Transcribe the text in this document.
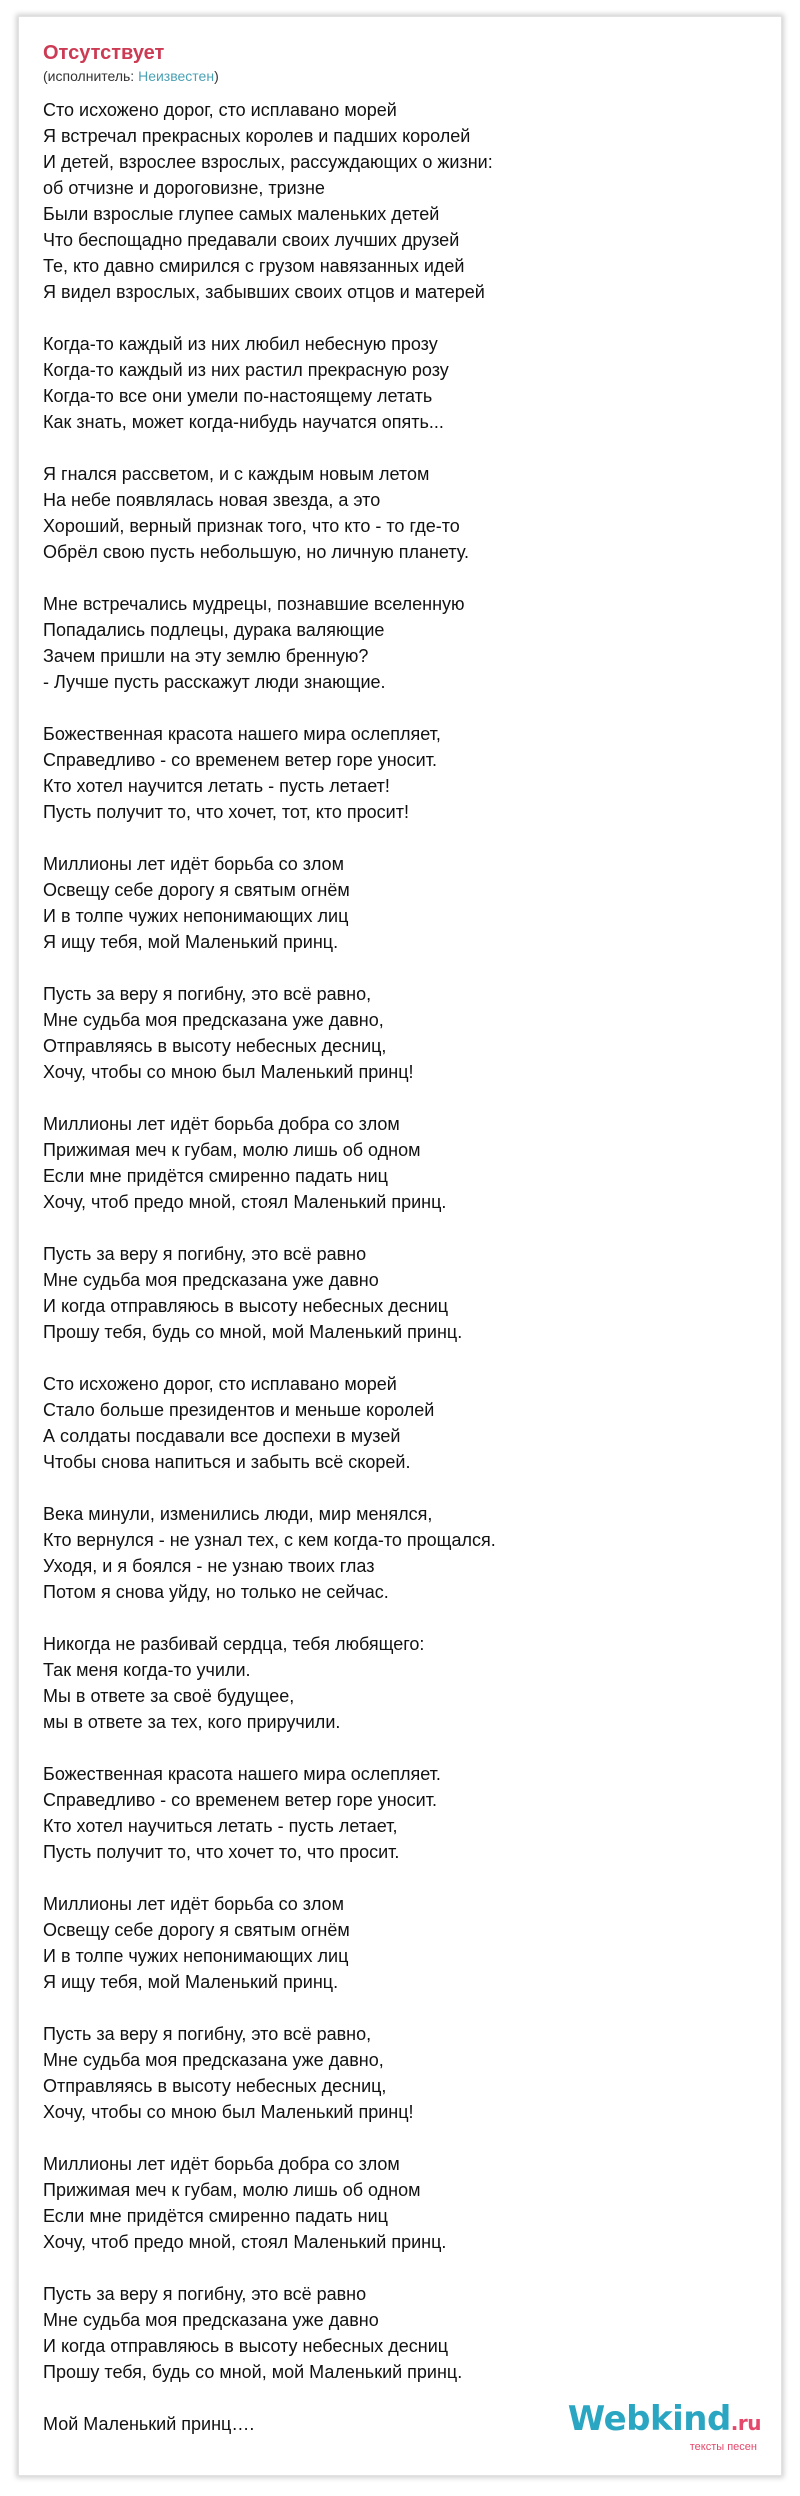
Отсутствует
(исполнитель: Неизвестен)
Сто исхожено дорог, сто исплавано морей
Я встречал прекрасных королев и падших королей
И детей, взрослее взрослых, рассуждающих о жизни:
об отчизне и дороговизне, тризне
Были взрослые глупее самых маленьких детей
Что беспощадно предавали своих лучших друзей
Те, кто давно смирился с грузом навязанных идей
Я видел взрослых, забывших своих отцов и матерей
Когда-то каждый из них любил небесную прозу
Когда-то каждый из них растил прекрасную розу
Когда-то все они умели по-настоящему летать
Как знать, может когда-нибудь научатся опять...
Я гнался рассветом, и с каждым новым летом
На небе появлялась новая звезда, а это
Хороший, верный признак того, что кто - то где-то
Обрёл свою пусть небольшую, но личную планету.
Мне встречались мудрецы, познавшие вселенную
Попадались подлецы, дурака валяющие
Зачем пришли на эту землю бренную?
- Лучше пусть расскажут люди знающие.
Божественная красота нашего мира ослепляет,
Справедливо - со временем ветер горе уносит.
Кто хотел научится летать - пусть летает!
Пусть получит то, что хочет, тот, кто просит!
Миллионы лет идёт борьба со злом
Освещу себе дорогу я святым огнём
И в толпе чужих непонимающих лиц
Я ищу тебя, мой Маленький принц.
Пусть за веру я погибну, это всё равно,
Мне судьба моя предсказана уже давно,
Отправляясь в высоту небесных десниц,
Хочу, чтобы со мною был Маленький принц!
Миллионы лет идёт борьба добра со злом
Прижимая меч к губам, молю лишь об одном
Если мне придётся смиренно падать ниц
Хочу, чтоб предо мной, стоял Маленький принц.
Пусть за веру я погибну, это всё равно
Мне судьба моя предсказана уже давно
И когда отправляюсь в высоту небесных десниц
Прошу тебя, будь со мной, мой Маленький принц.
Сто исхожено дорог, сто исплавано морей
Стало больше президентов и меньше королей
А солдаты посдавали все доспехи в музей
Чтобы снова напиться и забыть всё скорей.
Века минули, изменились люди, мир менялся,
Кто вернулся - не узнал тех, с кем когда-то прощался.
Уходя, и я боялся - не узнаю твоих глаз
Потом я снова уйду, но только не сейчас.
Никогда не разбивай сердца, тебя любящего:
Так меня когда-то учили.
Мы в ответе за своё будущее,
мы в ответе за тех, кого приручили.
Божественная красота нашего мира ослепляет.
Справедливо - со временем ветер горе уносит.
Кто хотел научиться летать - пусть летает,
Пусть получит то, что хочет то, что просит.
Миллионы лет идёт борьба со злом
Освещу себе дорогу я святым огнём
И в толпе чужих непонимающих лиц
Я ищу тебя, мой Маленький принц.
Пусть за веру я погибну, это всё равно,
Мне судьба моя предсказана уже давно,
Отправляясь в высоту небесных десниц,
Хочу, чтобы со мною был Маленький принц!
Миллионы лет идёт борьба добра со злом
Прижимая меч к губам, молю лишь об одном
Если мне придётся смиренно падать ниц
Хочу, чтоб предо мной, стоял Маленький принц.
Пусть за веру я погибну, это всё равно
Мне судьба моя предсказана уже давно
И когда отправляюсь в высоту небесных десниц
Прошу тебя, будь со мной, мой Маленький принц.
Мой Маленький принц….	Webkind.ru
тексты песен
